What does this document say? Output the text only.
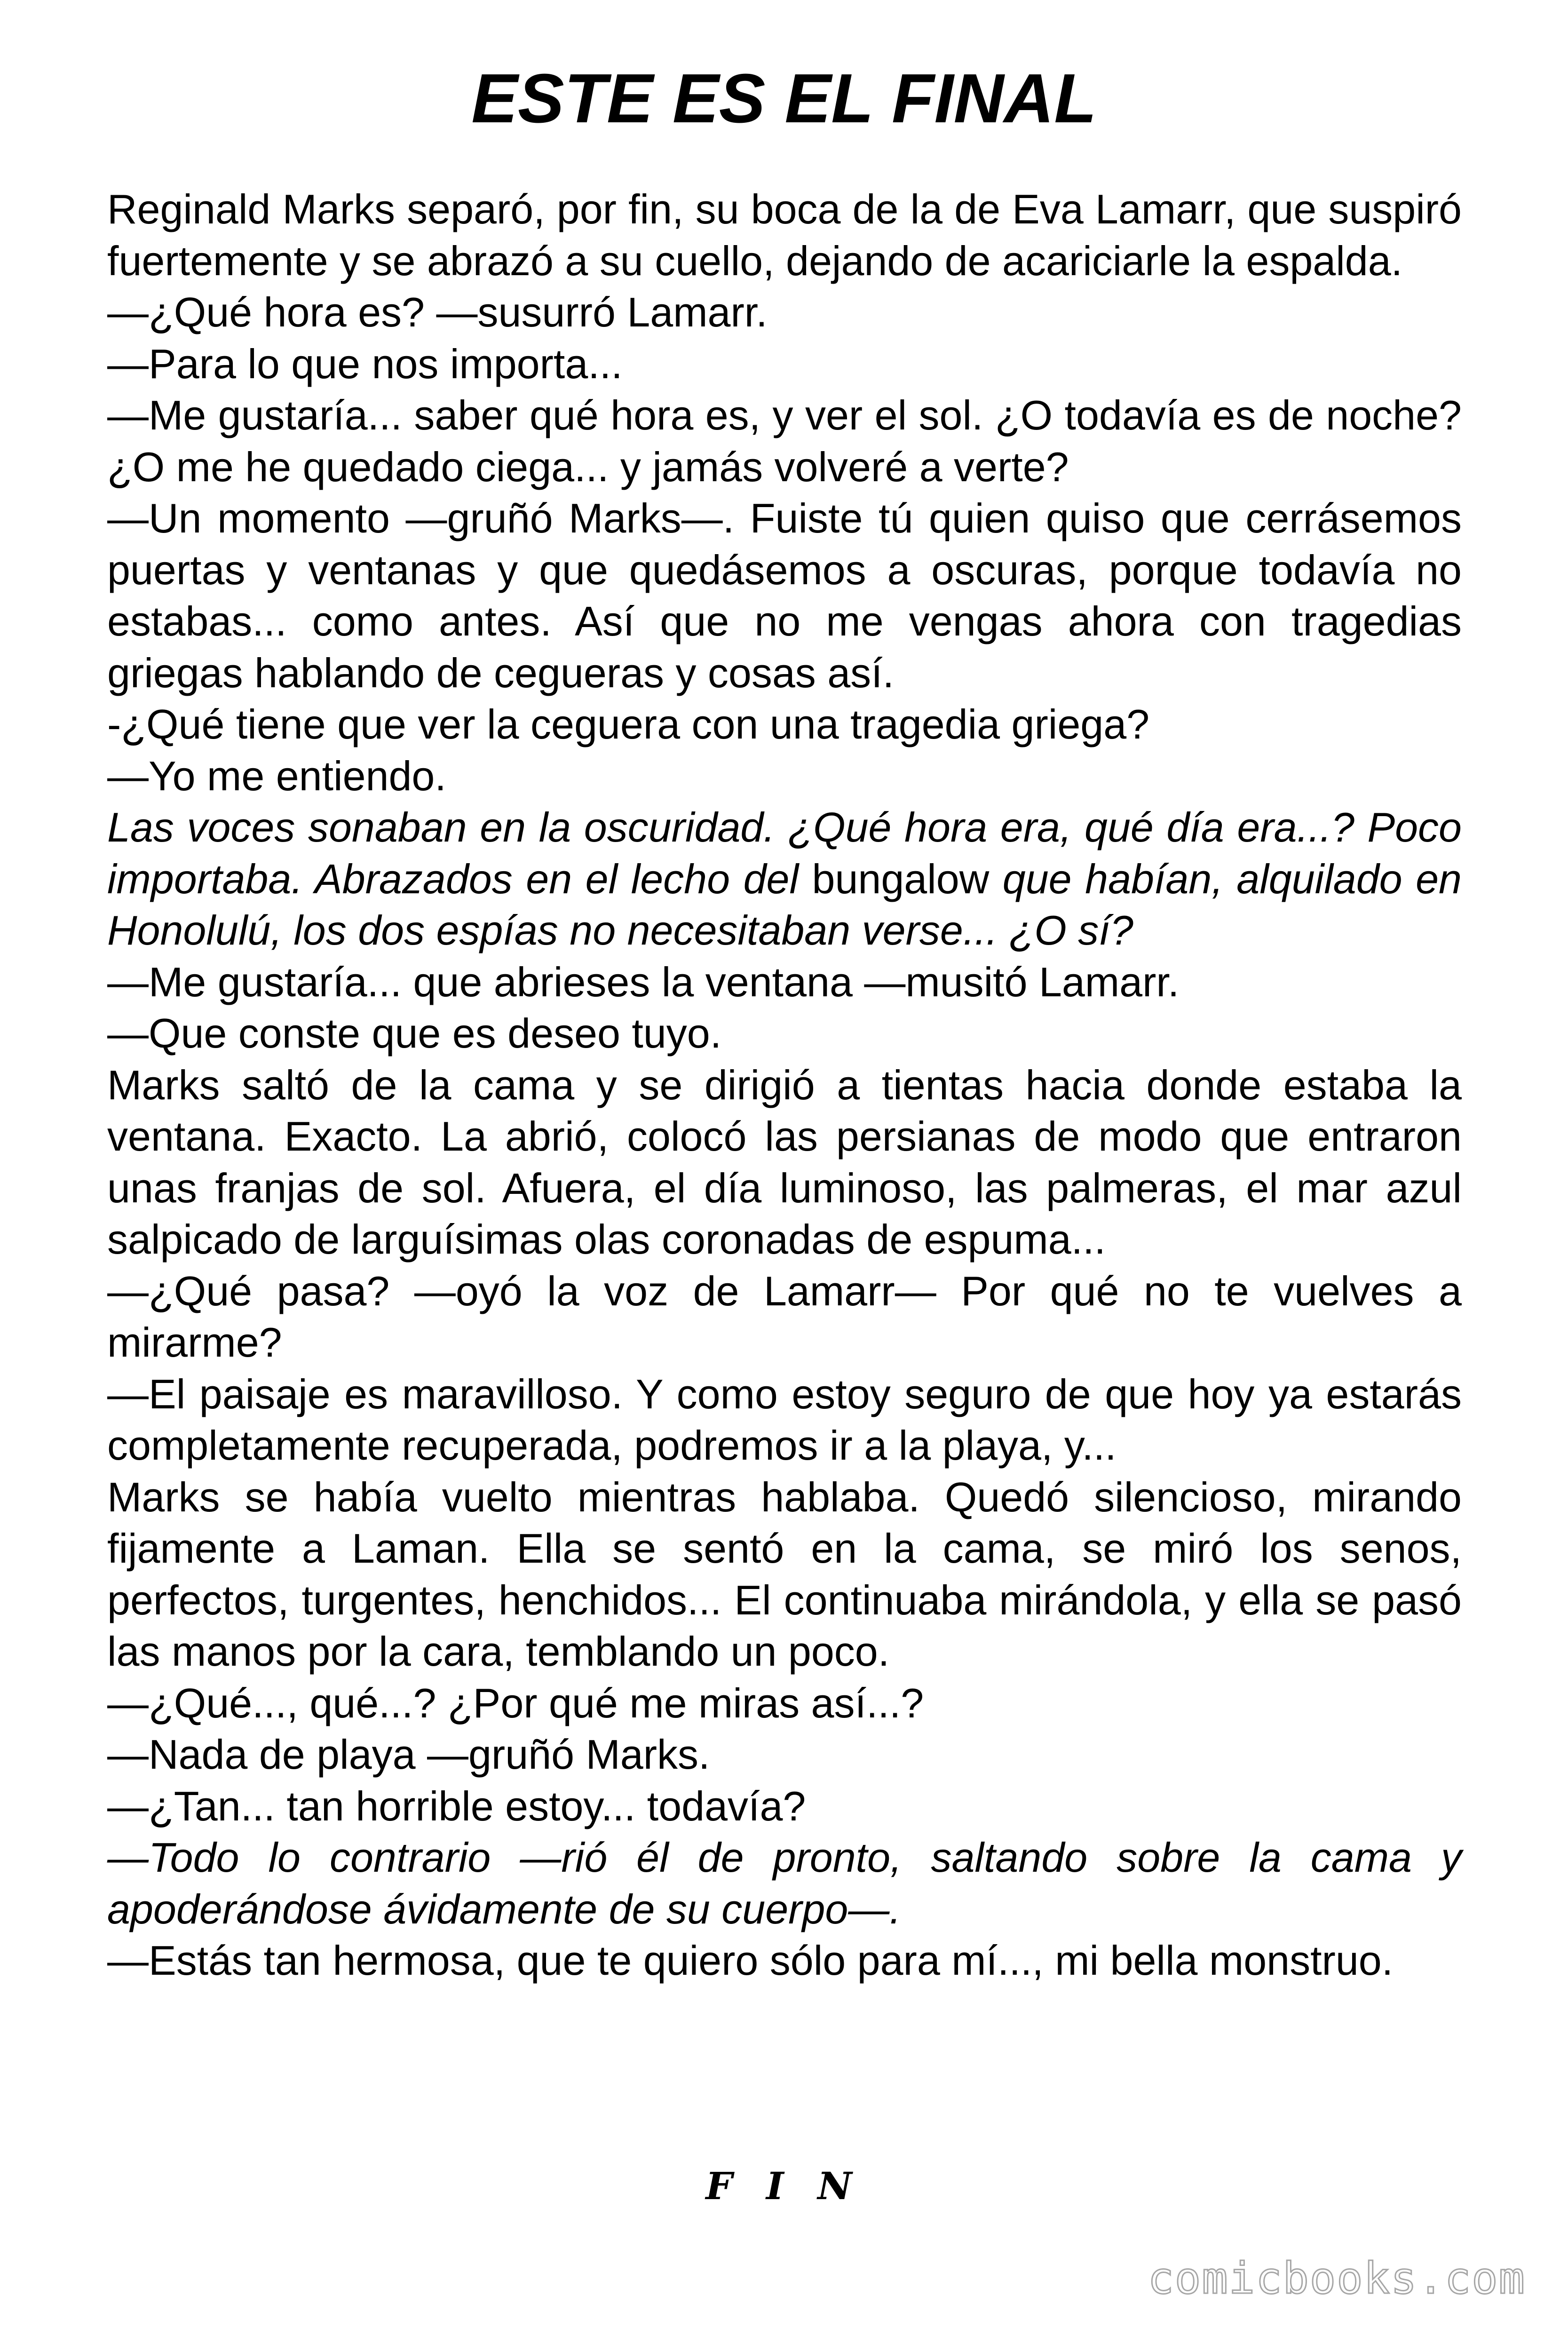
ESTE ES EL FINAL

Reginald Marks separó, por fin, su boca de la de Eva Lamarr, que suspiró fuertemente y se abrazó a su cuello, dejando de acariciarle la espalda.

—¿Qué hora es? —susurró Lamarr.

—Para lo que nos importa...

—Me gustaría... saber qué hora es, y ver el sol. ¿O todavía es de noche? ¿O me he quedado ciega... y jamás volveré a verte?

—Un momento —gruñó Marks—. Fuiste tú quien quiso que cerrásemos puertas y ventanas y que quedásemos a oscuras, porque todavía no estabas... como antes. Así que no me vengas ahora con tragedias griegas hablando de cegueras y cosas así.

-¿Qué tiene que ver la ceguera con una tragedia griega?

—Yo me entiendo.

Las voces sonaban en la oscuridad. ¿Qué hora era, qué día era...? Poco importaba. Abrazados en el lecho del bungalow que habían, alquilado en Honolulú, los dos espías no necesitaban verse... ¿O sí?

—Me gustaría... que abrieses la ventana —musitó Lamarr.

—Que conste que es deseo tuyo.

Marks saltó de la cama y se dirigió a tientas hacia donde estaba la ventana. Exacto. La abrió, colocó las persianas de modo que entraron unas franjas de sol. Afuera, el día luminoso, las palmeras, el mar azul salpicado de larguísimas olas coronadas de espuma...

—¿Qué pasa? —oyó la voz de Lamarr— Por qué no te vuelves a mirarme?

—El paisaje es maravilloso. Y como estoy seguro de que hoy ya estarás completamente recuperada, podremos ir a la playa, y...

Marks se había vuelto mientras hablaba. Quedó silencioso, mirando fijamente a Laman. Ella se sentó en la cama, se miró los senos, perfectos, turgentes, henchidos... El continuaba mirándola, y ella se pasó las manos por la cara, temblando un poco.

—¿Qué..., qué...? ¿Por qué me miras así...?

—Nada de playa —gruñó Marks.

—¿Tan... tan horrible estoy... todavía?

—Todo lo contrario —rió él de pronto, saltando sobre la cama y apoderándose ávidamente de su cuerpo—.

—Estás tan hermosa, que te quiero sólo para mí..., mi bella monstruo.

F I N
comicbooks.com
